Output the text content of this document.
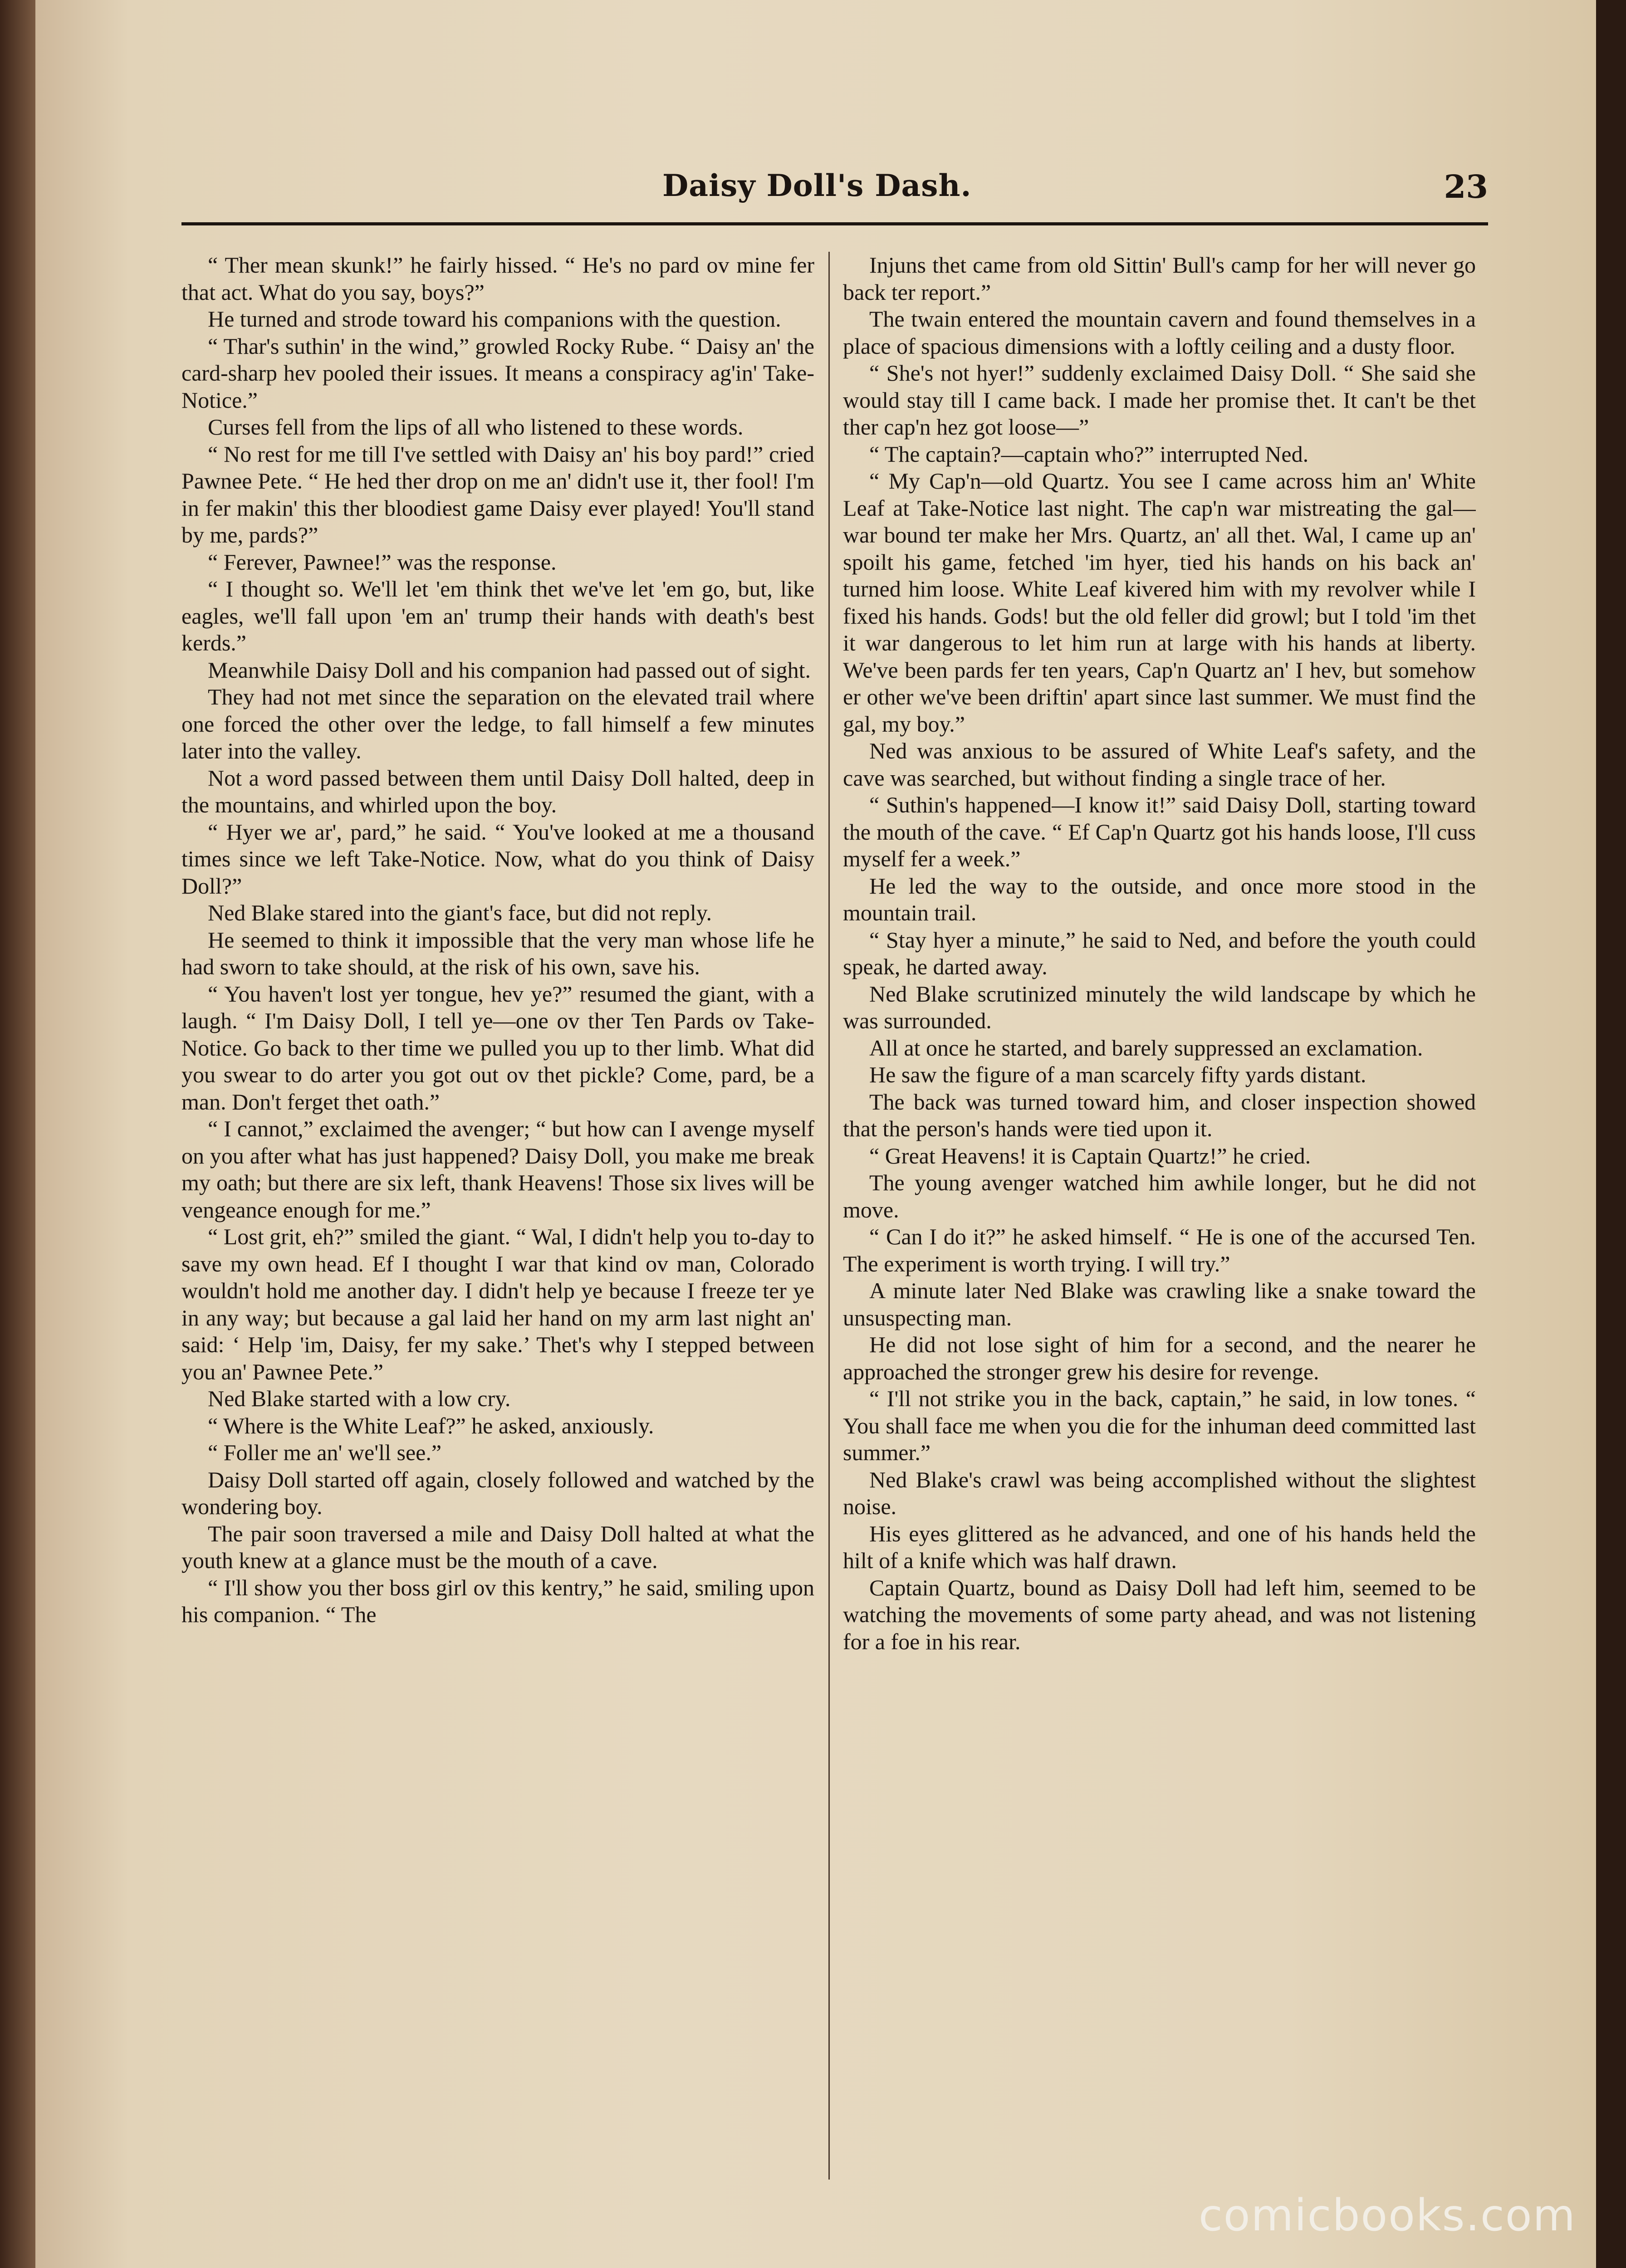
Daisy Doll's Dash.	23

“ Ther mean skunk!” he fairly hissed. “ He's no pard ov mine fer that act. What do you say, boys?”

He turned and strode toward his companions with the question.

“ Thar's suthin' in the wind,” growled Rocky Rube. “ Daisy an' the card-sharp hev pooled their issues. It means a conspiracy ag'in' Take-Notice.”

Curses fell from the lips of all who listened to these words.

“ No rest for me till I've settled with Daisy an' his boy pard!” cried Pawnee Pete. “ He hed ther drop on me an' didn't use it, ther fool! I'm in fer makin' this ther bloodiest game Daisy ever played! You'll stand by me, pards?”

“ Ferever, Pawnee!” was the response.

“ I thought so. We'll let 'em think thet we've let 'em go, but, like eagles, we'll fall upon 'em an' trump their hands with death's best kerds.”

Meanwhile Daisy Doll and his companion had passed out of sight.

They had not met since the separation on the elevated trail where one forced the other over the ledge, to fall himself a few minutes later into the valley.

Not a word passed between them until Daisy Doll halted, deep in the mountains, and whirled upon the boy.

“ Hyer we ar', pard,” he said. “ You've looked at me a thousand times since we left Take-Notice. Now, what do you think of Daisy Doll?”

Ned Blake stared into the giant's face, but did not reply.

He seemed to think it impossible that the very man whose life he had sworn to take should, at the risk of his own, save his.

“ You haven't lost yer tongue, hev ye?” resumed the giant, with a laugh. “ I'm Daisy Doll, I tell ye—one ov ther Ten Pards ov Take-Notice. Go back to ther time we pulled you up to ther limb. What did you swear to do arter you got out ov thet pickle? Come, pard, be a man. Don't ferget thet oath.”

“ I cannot,” exclaimed the avenger; “ but how can I avenge myself on you after what has just happened? Daisy Doll, you make me break my oath; but there are six left, thank Heavens! Those six lives will be vengeance enough for me.”

“ Lost grit, eh?” smiled the giant. “ Wal, I didn't help you to-day to save my own head. Ef I thought I war that kind ov man, Colorado wouldn't hold me another day. I didn't help ye because I freeze ter ye in any way; but because a gal laid her hand on my arm last night an' said: ‘ Help 'im, Daisy, fer my sake.’ Thet's why I stepped between you an' Pawnee Pete.”

Ned Blake started with a low cry.

“ Where is the White Leaf?” he asked, anxiously.

“ Foller me an' we'll see.”

Daisy Doll started off again, closely followed and watched by the wondering boy.

The pair soon traversed a mile and Daisy Doll halted at what the youth knew at a glance must be the mouth of a cave.

“ I'll show you ther boss girl ov this kentry,” he said, smiling upon his companion. “ The

Injuns thet came from old Sittin' Bull's camp for her will never go back ter report.”

The twain entered the mountain cavern and found themselves in a place of spacious dimensions with a loftly ceiling and a dusty floor.

“ She's not hyer!” suddenly exclaimed Daisy Doll. “ She said she would stay till I came back. I made her promise thet. It can't be thet ther cap'n hez got loose—”

“ The captain?—captain who?” interrupted Ned.

“ My Cap'n—old Quartz. You see I came across him an' White Leaf at Take-Notice last night. The cap'n war mistreating the gal—war bound ter make her Mrs. Quartz, an' all thet. Wal, I came up an' spoilt his game, fetched 'im hyer, tied his hands on his back an' turned him loose. White Leaf kivered him with my revolver while I fixed his hands. Gods! but the old feller did growl; but I told 'im thet it war dangerous to let him run at large with his hands at liberty. We've been pards fer ten years, Cap'n Quartz an' I hev, but somehow er other we've been driftin' apart since last summer. We must find the gal, my boy.”

Ned was anxious to be assured of White Leaf's safety, and the cave was searched, but without finding a single trace of her.

“ Suthin's happened—I know it!” said Daisy Doll, starting toward the mouth of the cave. “ Ef Cap'n Quartz got his hands loose, I'll cuss myself fer a week.”

He led the way to the outside, and once more stood in the mountain trail.

“ Stay hyer a minute,” he said to Ned, and before the youth could speak, he darted away.

Ned Blake scrutinized minutely the wild landscape by which he was surrounded.

All at once he started, and barely suppressed an exclamation.

He saw the figure of a man scarcely fifty yards distant.

The back was turned toward him, and closer inspection showed that the person's hands were tied upon it.

“ Great Heavens! it is Captain Quartz!” he cried.

The young avenger watched him awhile longer, but he did not move.

“ Can I do it?” he asked himself. “ He is one of the accursed Ten. The experiment is worth trying. I will try.”

A minute later Ned Blake was crawling like a snake toward the unsuspecting man.

He did not lose sight of him for a second, and the nearer he approached the stronger grew his desire for revenge.

“ I'll not strike you in the back, captain,” he said, in low tones. “ You shall face me when you die for the inhuman deed committed last summer.”

Ned Blake's crawl was being accomplished without the slightest noise.

His eyes glittered as he advanced, and one of his hands held the hilt of a knife which was half drawn.

Captain Quartz, bound as Daisy Doll had left him, seemed to be watching the movements of some party ahead, and was not listening for a foe in his rear.

comicbooks.com
